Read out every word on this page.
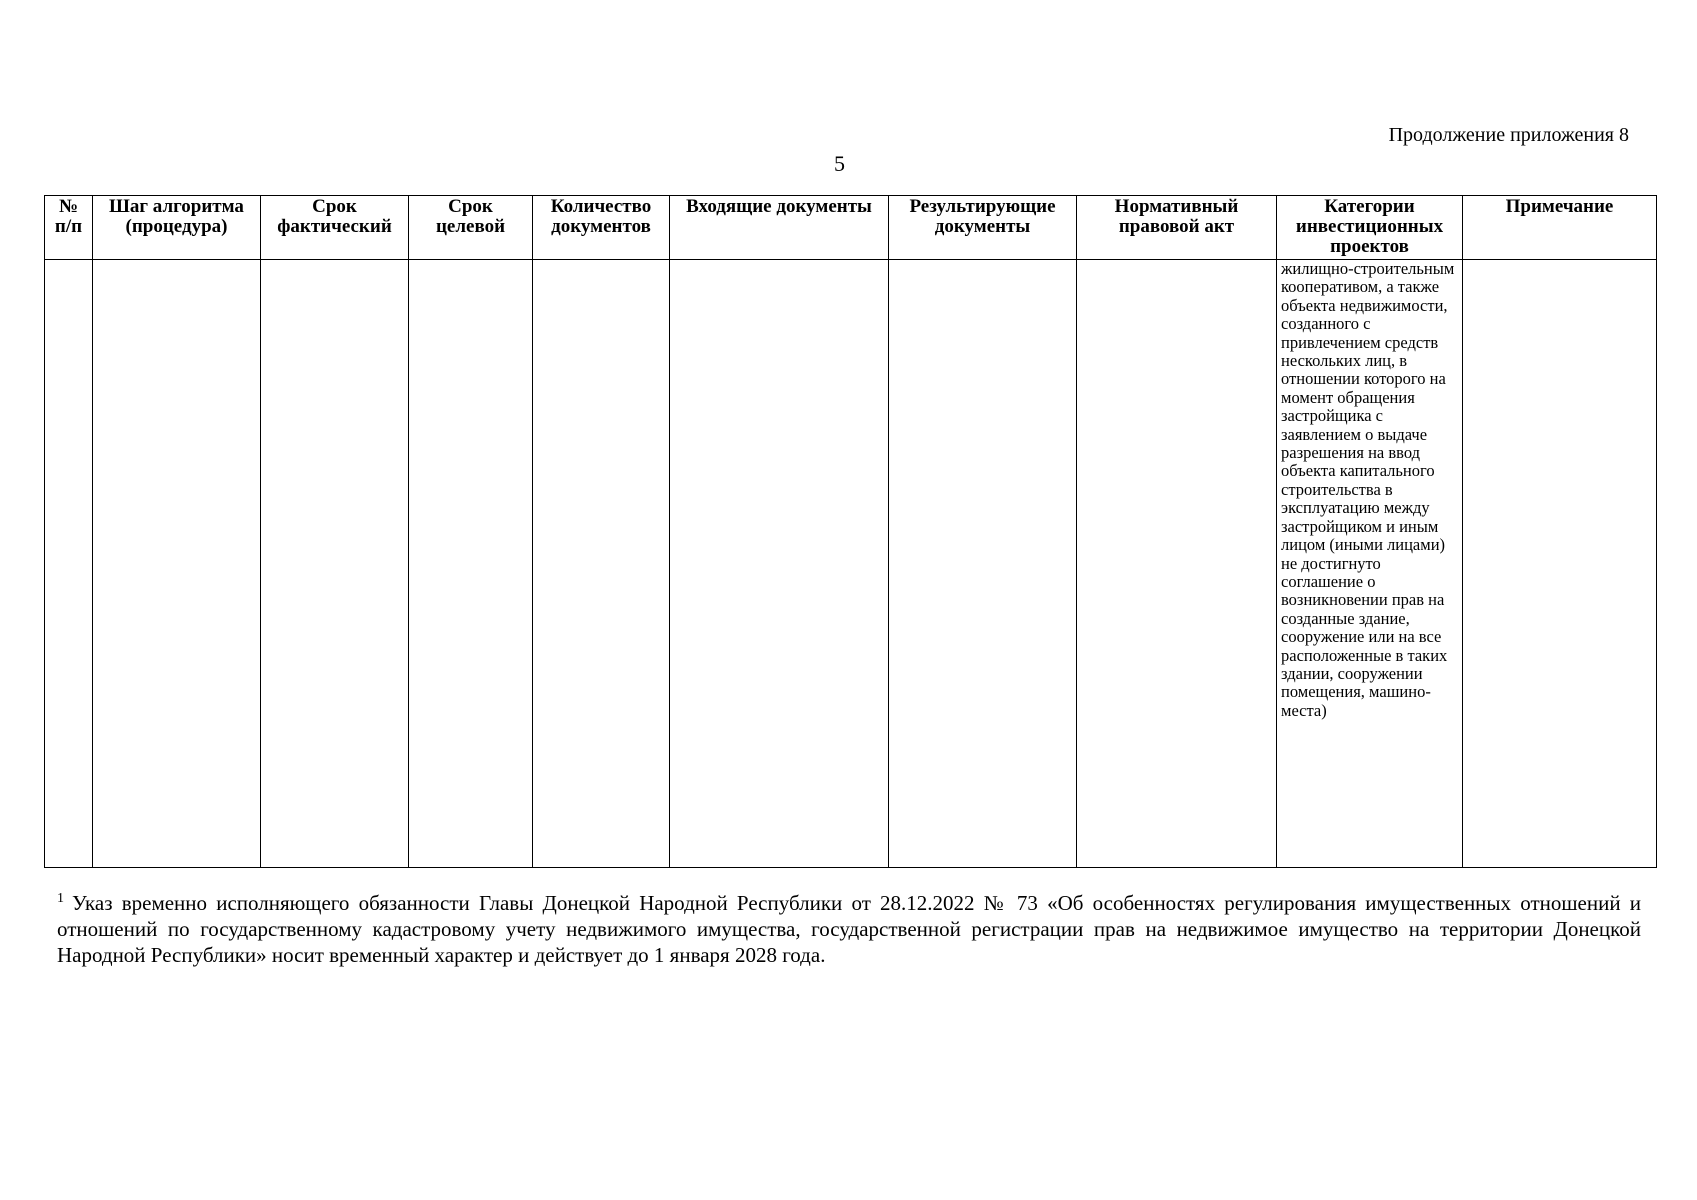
Продолжение приложения 8
5
№ п/п	Шаг алгоритма (процедура)	Срок фактический	Срок целевой	Количество документов	Входящие документы	Результирующие документы	Нормативный правовой акт	Категории инвестиционных проектов	Примечание
								жилищно-строительным кооперативом, а также объекта недвижимости, созданного с привлечением средств нескольких лиц, в отношении которого на момент обращения застройщика с заявлением о выдаче разрешения на ввод объекта капитального строительства в эксплуатацию между застройщиком и иным лицом (иными лицами) не достигнуто соглашение о возникновении прав на созданные здание, сооружение или на все расположенные в таких здании, сооружении помещения, машино-места)	
$^1$ Указ временно исполняющего обязанности Главы Донецкой Народной Республики от 28.12.2022 № 73 «Об особенностях регулирования имущественных отношений и отношений по государственному кадастровому учету недвижимого имущества, государственной регистрации прав на недвижимое имущество на территории Донецкой Народной Республики» носит временный характер и действует до 1 января 2028 года.
